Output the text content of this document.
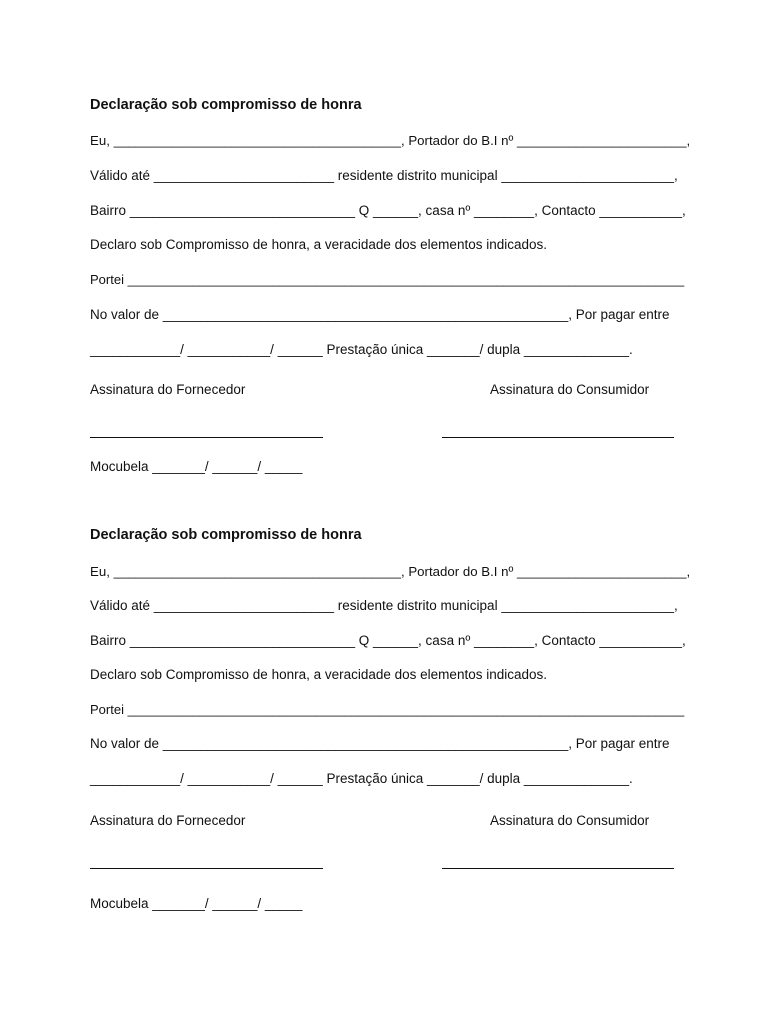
Declaração sob compromisso de honra
Eu, _______________________________________, Portador do B.I nº _______________________,
Válido até ________________________ residente distrito municipal _______________________,
Bairro ______________________________ Q ______, casa nº ________, Contacto ___________,
Declaro sob Compromisso de honra, a veracidade dos elementos indicados.
Portei _____________________________________________________________________________
No valor de ______________________________________________________, Por pagar entre
____________/ ___________/ ______ Prestação única _______/ dupla ______________.
Assinatura do Fornecedor	Assinatura do Consumidor
Mocubela _______/ ______/ _____
Declaração sob compromisso de honra
Eu, _______________________________________, Portador do B.I nº _______________________,
Válido até ________________________ residente distrito municipal _______________________,
Bairro ______________________________ Q ______, casa nº ________, Contacto ___________,
Declaro sob Compromisso de honra, a veracidade dos elementos indicados.
Portei _____________________________________________________________________________
No valor de ______________________________________________________, Por pagar entre
____________/ ___________/ ______ Prestação única _______/ dupla ______________.
Assinatura do Fornecedor	Assinatura do Consumidor
Mocubela _______/ ______/ _____
